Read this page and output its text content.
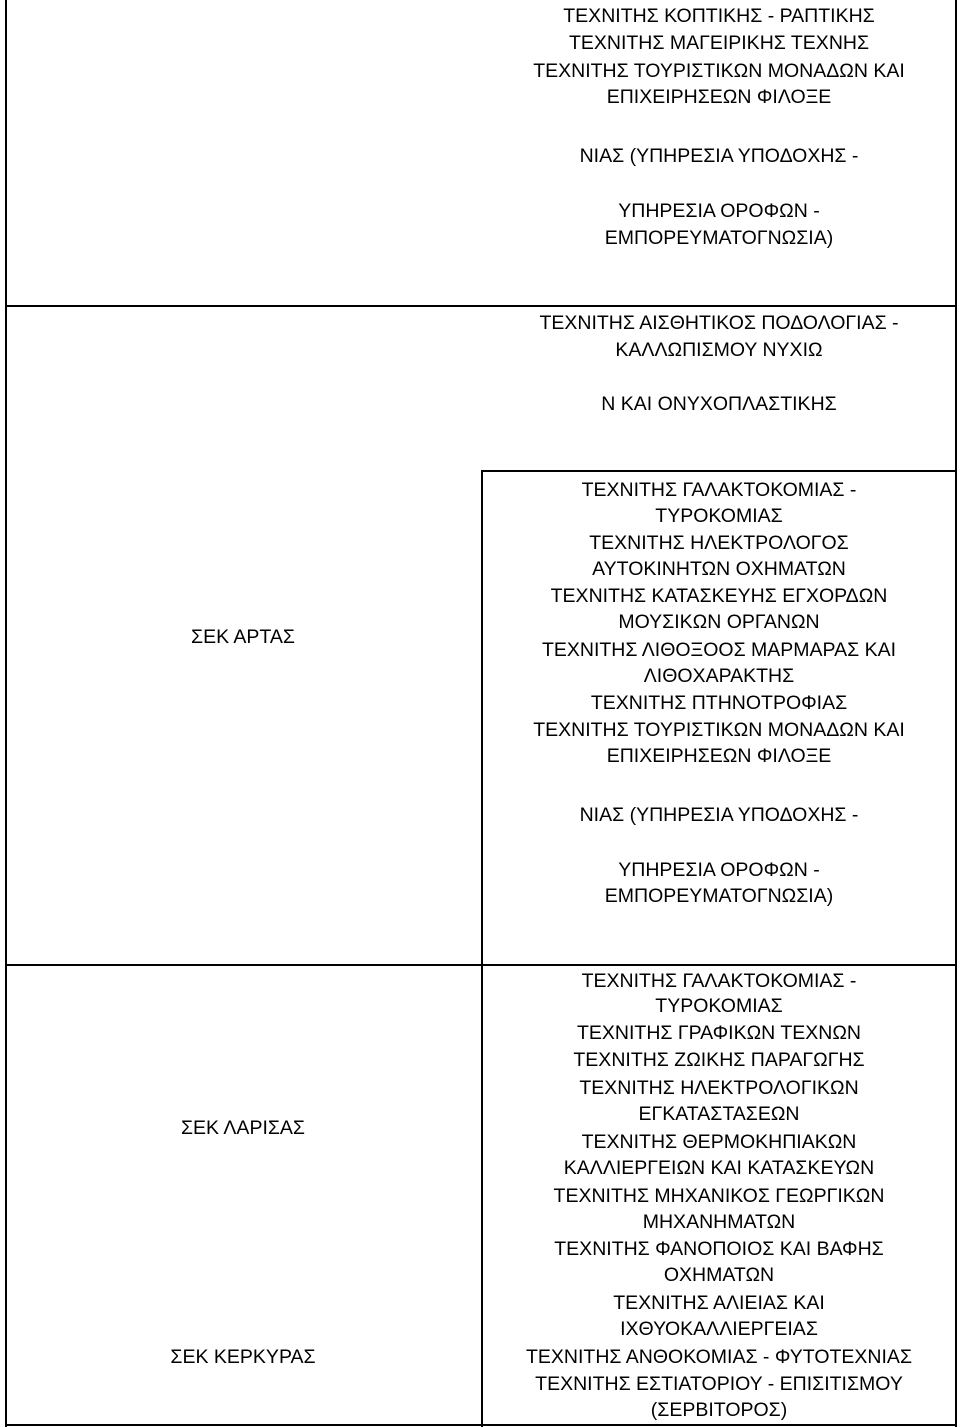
ΤΕΧΝΙΤΗΣ ΚΟΠΤΙΚΗΣ - ΡΑΠΤΙΚΗΣ
ΤΕΧΝΙΤΗΣ ΜΑΓΕΙΡΙΚΗΣ ΤΕΧΝΗΣ
ΤΕΧΝΙΤΗΣ ΤΟΥΡΙΣΤΙΚΩΝ ΜΟΝΑΔΩΝ ΚΑΙ
ΕΠΙΧΕΙΡΗΣΕΩΝ ΦΙΛΟΞΕ
ΝΙΑΣ (ΥΠΗΡΕΣΙΑ ΥΠΟΔΟΧΗΣ -
ΥΠΗΡΕΣΙΑ ΟΡΟΦΩΝ -
ΕΜΠΟΡΕΥΜΑΤΟΓΝΩΣΙΑ)
ΤΕΧΝΙΤΗΣ ΑΙΣΘΗΤΙΚΟΣ ΠΟΔΟΛΟΓΙΑΣ -
ΚΑΛΛΩΠΙΣΜΟΥ ΝΥΧΙΩ
Ν ΚΑΙ ΟΝΥΧΟΠΛΑΣΤΙΚΗΣ
ΣΕΚ ΑΡΤΑΣ
ΤΕΧΝΙΤΗΣ ΓΑΛΑΚΤΟΚΟΜΙΑΣ -
ΤΥΡΟΚΟΜΙΑΣ
ΤΕΧΝΙΤΗΣ ΗΛΕΚΤΡΟΛΟΓΟΣ
ΑΥΤΟΚΙΝΗΤΩΝ ΟΧΗΜΑΤΩΝ
ΤΕΧΝΙΤΗΣ ΚΑΤΑΣΚΕΥΗΣ ΕΓΧΟΡΔΩΝ
ΜΟΥΣΙΚΩΝ ΟΡΓΑΝΩΝ
ΤΕΧΝΙΤΗΣ ΛΙΘΟΞΟΟΣ ΜΑΡΜΑΡΑΣ ΚΑΙ
ΛΙΘΟΧΑΡΑΚΤΗΣ
ΤΕΧΝΙΤΗΣ ΠΤΗΝΟΤΡΟΦΙΑΣ
ΤΕΧΝΙΤΗΣ ΤΟΥΡΙΣΤΙΚΩΝ ΜΟΝΑΔΩΝ ΚΑΙ
ΕΠΙΧΕΙΡΗΣΕΩΝ ΦΙΛΟΞΕ
ΝΙΑΣ (ΥΠΗΡΕΣΙΑ ΥΠΟΔΟΧΗΣ -
ΥΠΗΡΕΣΙΑ ΟΡΟΦΩΝ -
ΕΜΠΟΡΕΥΜΑΤΟΓΝΩΣΙΑ)
ΣΕΚ ΛΑΡΙΣΑΣ
ΤΕΧΝΙΤΗΣ ΓΑΛΑΚΤΟΚΟΜΙΑΣ -
ΤΥΡΟΚΟΜΙΑΣ
ΤΕΧΝΙΤΗΣ ΓΡΑΦΙΚΩΝ ΤΕΧΝΩΝ
ΤΕΧΝΙΤΗΣ ΖΩΙΚΗΣ ΠΑΡΑΓΩΓΗΣ
ΤΕΧΝΙΤΗΣ ΗΛΕΚΤΡΟΛΟΓΙΚΩΝ
ΕΓΚΑΤΑΣΤΑΣΕΩΝ
ΤΕΧΝΙΤΗΣ ΘΕΡΜΟΚΗΠΙΑΚΩΝ
ΚΑΛΛΙΕΡΓΕΙΩΝ ΚΑΙ ΚΑΤΑΣΚΕΥΩΝ
ΤΕΧΝΙΤΗΣ ΜΗΧΑΝΙΚΟΣ ΓΕΩΡΓΙΚΩΝ
ΜΗΧΑΝΗΜΑΤΩΝ
ΤΕΧΝΙΤΗΣ ΦΑΝΟΠΟΙΟΣ ΚΑΙ ΒΑΦΗΣ
ΟΧΗΜΑΤΩΝ
ΣΕΚ ΚΕΡΚΥΡΑΣ
ΤΕΧΝΙΤΗΣ ΑΛΙΕΙΑΣ ΚΑΙ
ΙΧΘΥΟΚΑΛΛΙΕΡΓΕΙΑΣ
ΤΕΧΝΙΤΗΣ ΑΝΘΟΚΟΜΙΑΣ - ΦΥΤΟΤΕΧΝΙΑΣ
ΤΕΧΝΙΤΗΣ ΕΣΤΙΑΤΟΡΙΟΥ - ΕΠΙΣΙΤΙΣΜΟΥ
(ΣΕΡΒΙΤΟΡΟΣ)
